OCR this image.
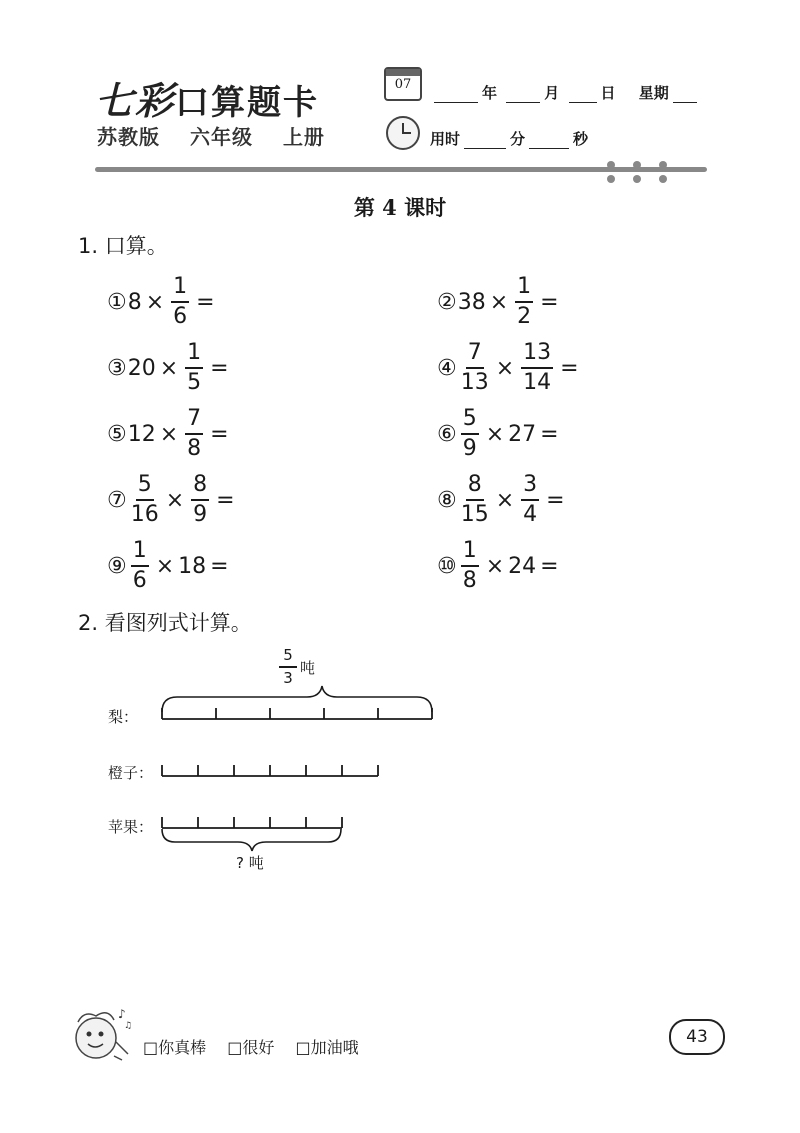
七彩口算题卡
苏教版 六年级 上册
07	年	月	日 星期
用时	分	秒
第 4 课时
1. 口算。
① $8 \times \frac{1}{6}$ =	② $38 \times \frac{1}{2}$ =
③ $20 \times \frac{1}{5}$ =	④ $\frac{7}{13} \times \frac{13}{14}$ =
⑤ $12 \times \frac{7}{8}$ =	⑥ $\frac{5}{9} \times 27$ =
⑦ $\frac{5}{16} \times \frac{8}{9}$ =	⑧ $\frac{8}{15} \times \frac{3}{4}$ =
⑨ $\frac{1}{6} \times 18$ =	⑩ $\frac{1}{8} \times 24$ =
2. 看图列式计算。
$\frac{5}{3}$ 吨
梨：
橙子：
苹果：
? 吨
♪
♫
□你真棒 □很好 □加油哦
43
